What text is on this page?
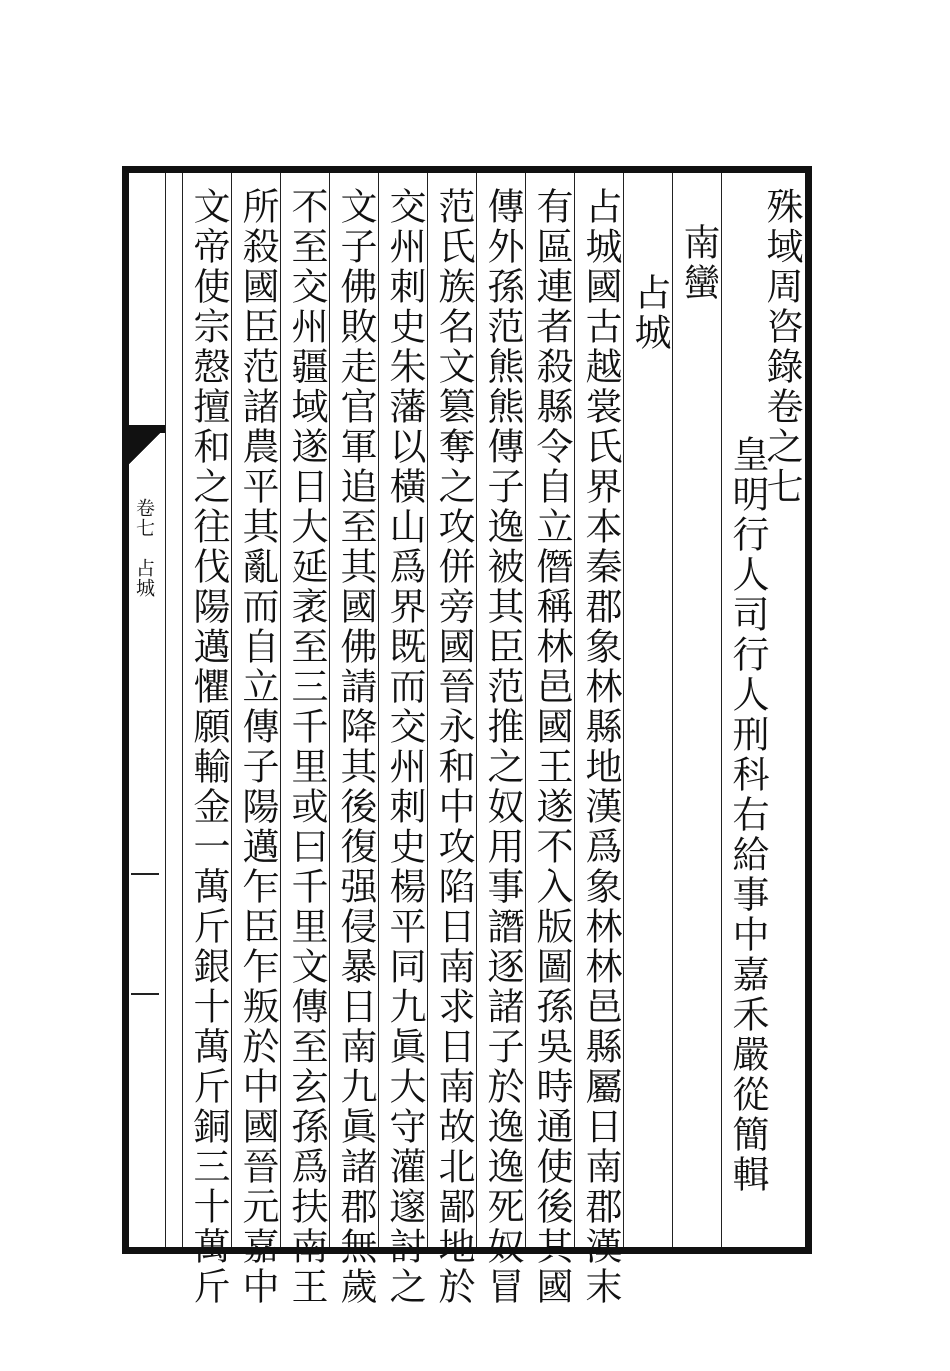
殊域周咨錄卷之七
皇明行人司行人刑科右給事中嘉禾嚴從簡輯
南蠻
占城
占城國古越裳氏界本秦郡象林縣地漢爲象林林邑縣屬日南郡漢末
有區連者殺縣令自立僭稱林邑國王遂不入版圖孫吳時通使後其國
傳外孫范熊熊傳子逸被其臣范推之奴用事譖逐諸子於逸逸死奴冒
范氏族名文篡奪之攻併旁國晉永和中攻陷日南求日南故北鄙地於
交州刺史朱藩以橫山爲界既而交州刺史楊平同九眞大守灌邃討之
文子佛敗走官軍追至其國佛請降其後復强侵暴日南九眞諸郡無歲
不至交州疆域遂日大延袤至三千里或曰千里文傳至玄孫爲扶南王
所殺國臣范諸農平其亂而自立傳子陽邁乍臣乍叛於中國晉元嘉中
文帝使宗慤擅和之往伐陽邁懼願輸金一萬斤銀十萬斤銅三十萬斤
卷七　占城
